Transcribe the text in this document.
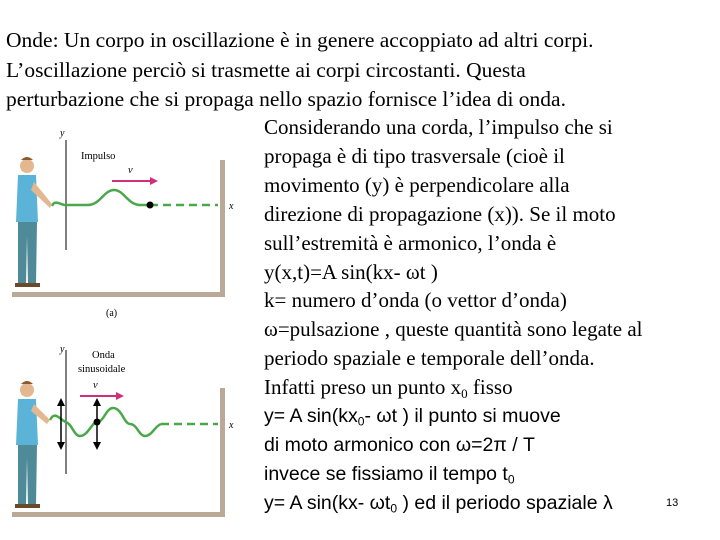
Onde: Un corpo in oscillazione è in genere accoppiato ad altri corpi.
L’oscillazione perciò si trasmette ai corpi circostanti. Questa
perturbazione che si propaga nello spazio fornisce l’idea di onda.
Considerando una corda, l’impulso che si
propaga è di tipo trasversale (cioè il
movimento (y) è perpendicolare alla
direzione di propagazione (x)). Se il moto
sull’estremità è armonico, l’onda è
y(x,t)=A sin(kx- ωt )
k= numero d’onda (o vettor d’onda)
ω=pulsazione , queste quantità sono legate al
periodo spaziale e temporale dell’onda.
Infatti preso un punto $x_0$ fisso
y= A $\sin(kx_0-$ ωt ) il punto si muove
di moto armonico con ω=2π / T
invece se fissiamo il tempo $t_0$
y= A sin(kx- $\omega t_0$ ) ed il periodo spaziale λ	13
y
x
Impulso
v
(a)
y
x
Onda
sinusoidale
v
